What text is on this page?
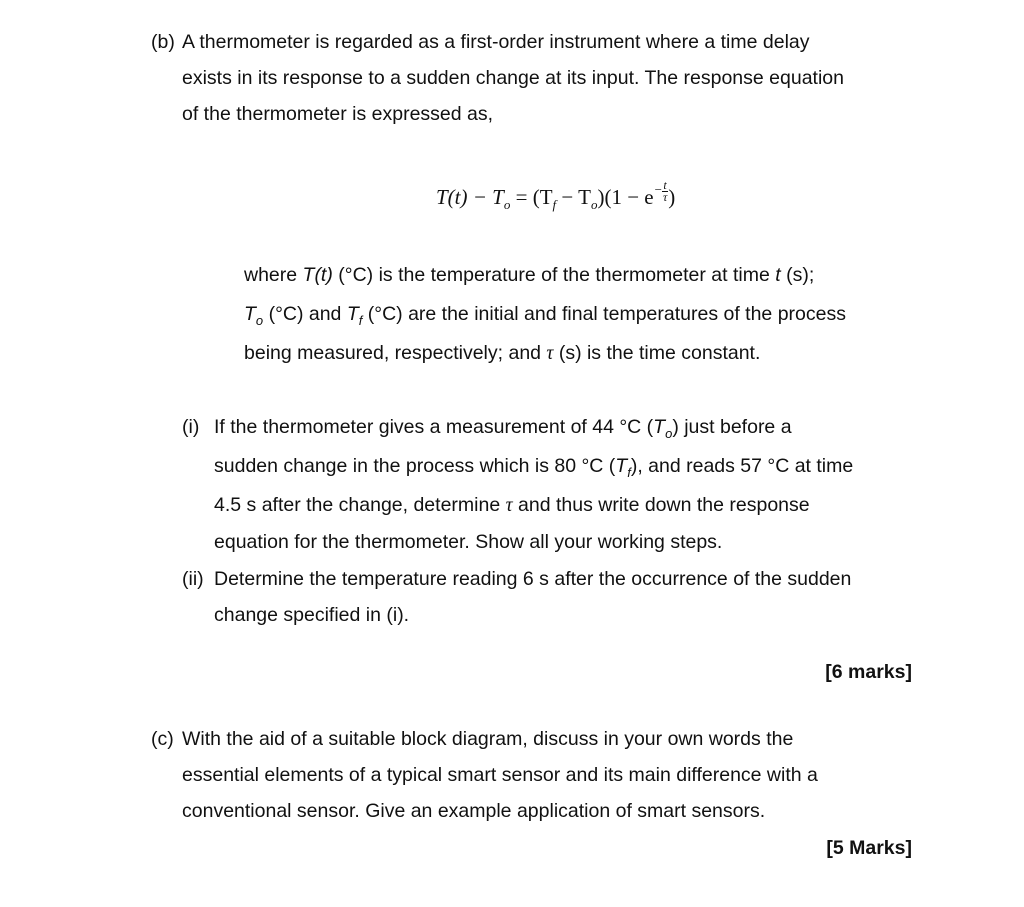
(b) A thermometer is regarded as a first-order instrument where a time delay
exists in its response to a sudden change at its input. The response equation
of the thermometer is expressed as,
$T(t) - T_o = (T_f - T_o)(1 - e- \frac{t}{\tau}$ )
where T(t) (°C) is the temperature of the thermometer at time t (s);
$T_o$ (°C) and $T_f$ (°C) are the initial and final temperatures of the process
being measured, respectively; and τ (s) is the time constant.
(i) If the thermometer gives a measurement of 44 °C $(T_o)$ just before a
sudden change in the process which is 80 °C $(T_f)$, and reads 57 °C at time
4.5 s after the change, determine τ and thus write down the response
equation for the thermometer. Show all your working steps.
(ii) Determine the temperature reading 6 s after the occurrence of the sudden
change specified in (i).
[6 marks]
(c) With the aid of a suitable block diagram, discuss in your own words the
essential elements of a typical smart sensor and its main difference with a
conventional sensor. Give an example application of smart sensors.
[5 Marks]
